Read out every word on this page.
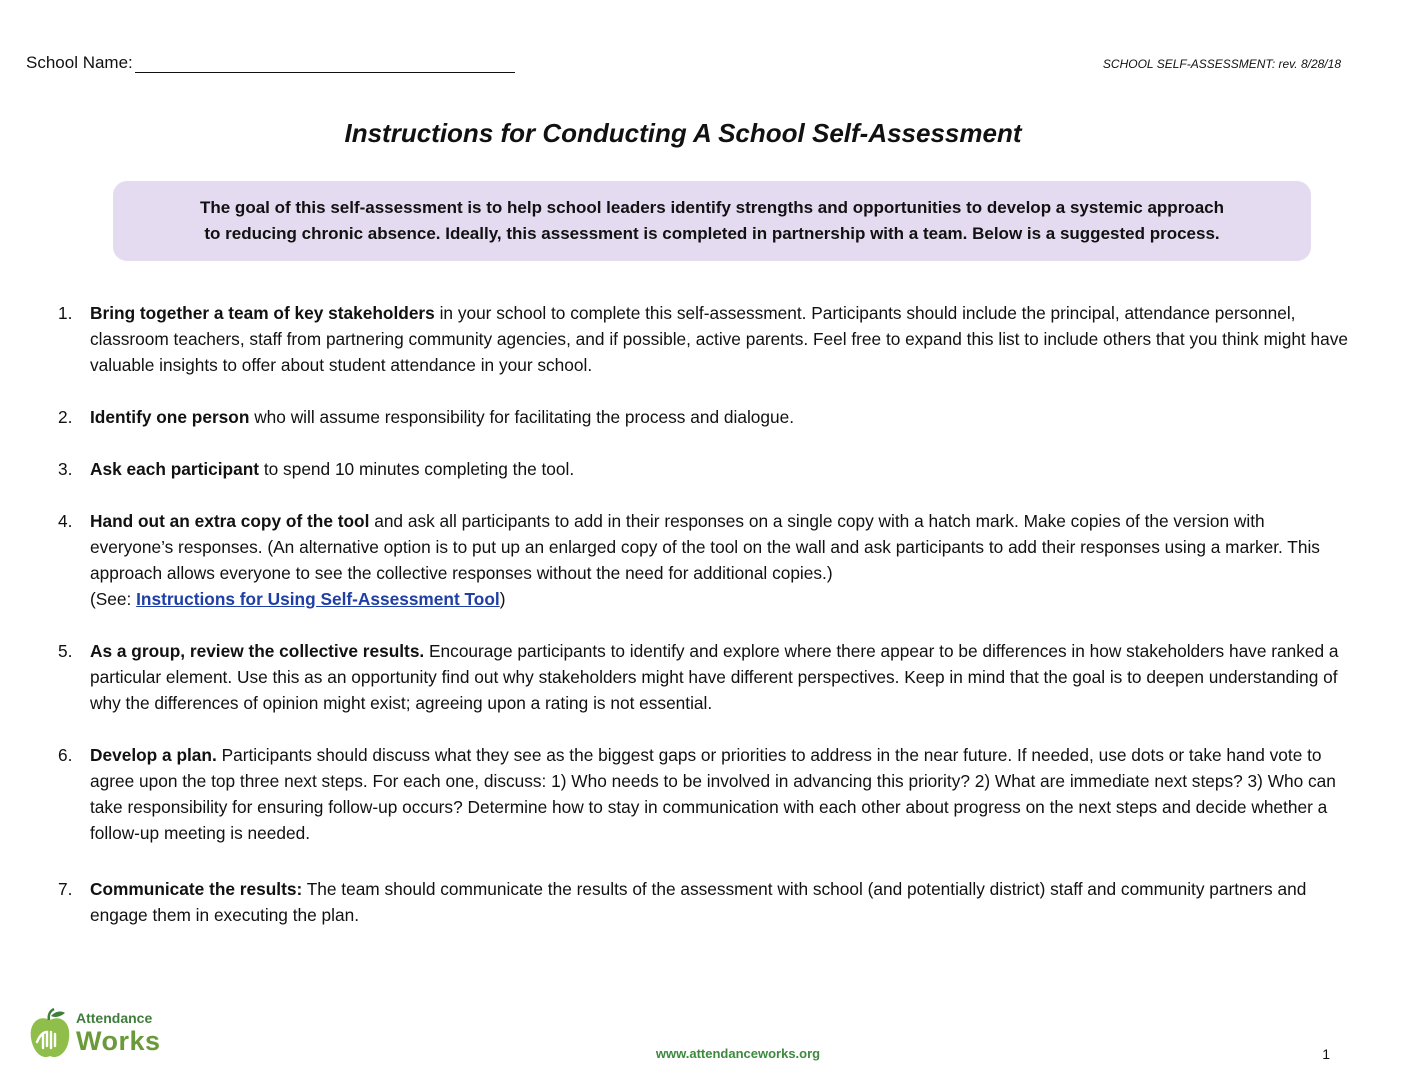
School Name:	SCHOOL SELF-ASSESSMENT: rev. 8/28/18
Instructions for Conducting A School Self-Assessment
The goal of this self-assessment is to help school leaders identify strengths and opportunities to develop a systemic approach
to reducing chronic absence. Ideally, this assessment is completed in partnership with a team. Below is a suggested process.
1. Bring together a team of key stakeholders in your school to complete this self-assessment. Participants should include the principal, attendance personnel, classroom teachers, staff from partnering community agencies, and if possible, active parents. Feel free to expand this list to include others that you think might have valuable insights to offer about student attendance in your school.
2. Identify one person who will assume responsibility for facilitating the process and dialogue.
3. Ask each participant to spend 10 minutes completing the tool.
4. Hand out an extra copy of the tool and ask all participants to add in their responses on a single copy with a hatch mark. Make copies of the version with everyone’s responses. (An alternative option is to put up an enlarged copy of the tool on the wall and ask participants to add their responses using a marker. This approach allows everyone to see the collective responses without the need for additional copies.)
(See: Instructions for Using Self-Assessment Tool)
5. As a group, review the collective results. Encourage participants to identify and explore where there appear to be differences in how stakeholders have ranked a particular element. Use this as an opportunity find out why stakeholders might have different perspectives. Keep in mind that the goal is to deepen understanding of why the differences of opinion might exist; agreeing upon a rating is not essential.
6. Develop a plan. Participants should discuss what they see as the biggest gaps or priorities to address in the near future. If needed, use dots or take hand vote to agree upon the top three next steps. For each one, discuss: 1) Who needs to be involved in advancing this priority? 2) What are immediate next steps? 3) Who can take responsibility for ensuring follow-up occurs? Determine how to stay in communication with each other about progress on the next steps and decide whether a follow-up meeting is needed.
7. Communicate the results: The team should communicate the results of the assessment with school (and potentially district) staff and community partners and engage them in executing the plan.
Attendance
Works	www.attendanceworks.org	1
